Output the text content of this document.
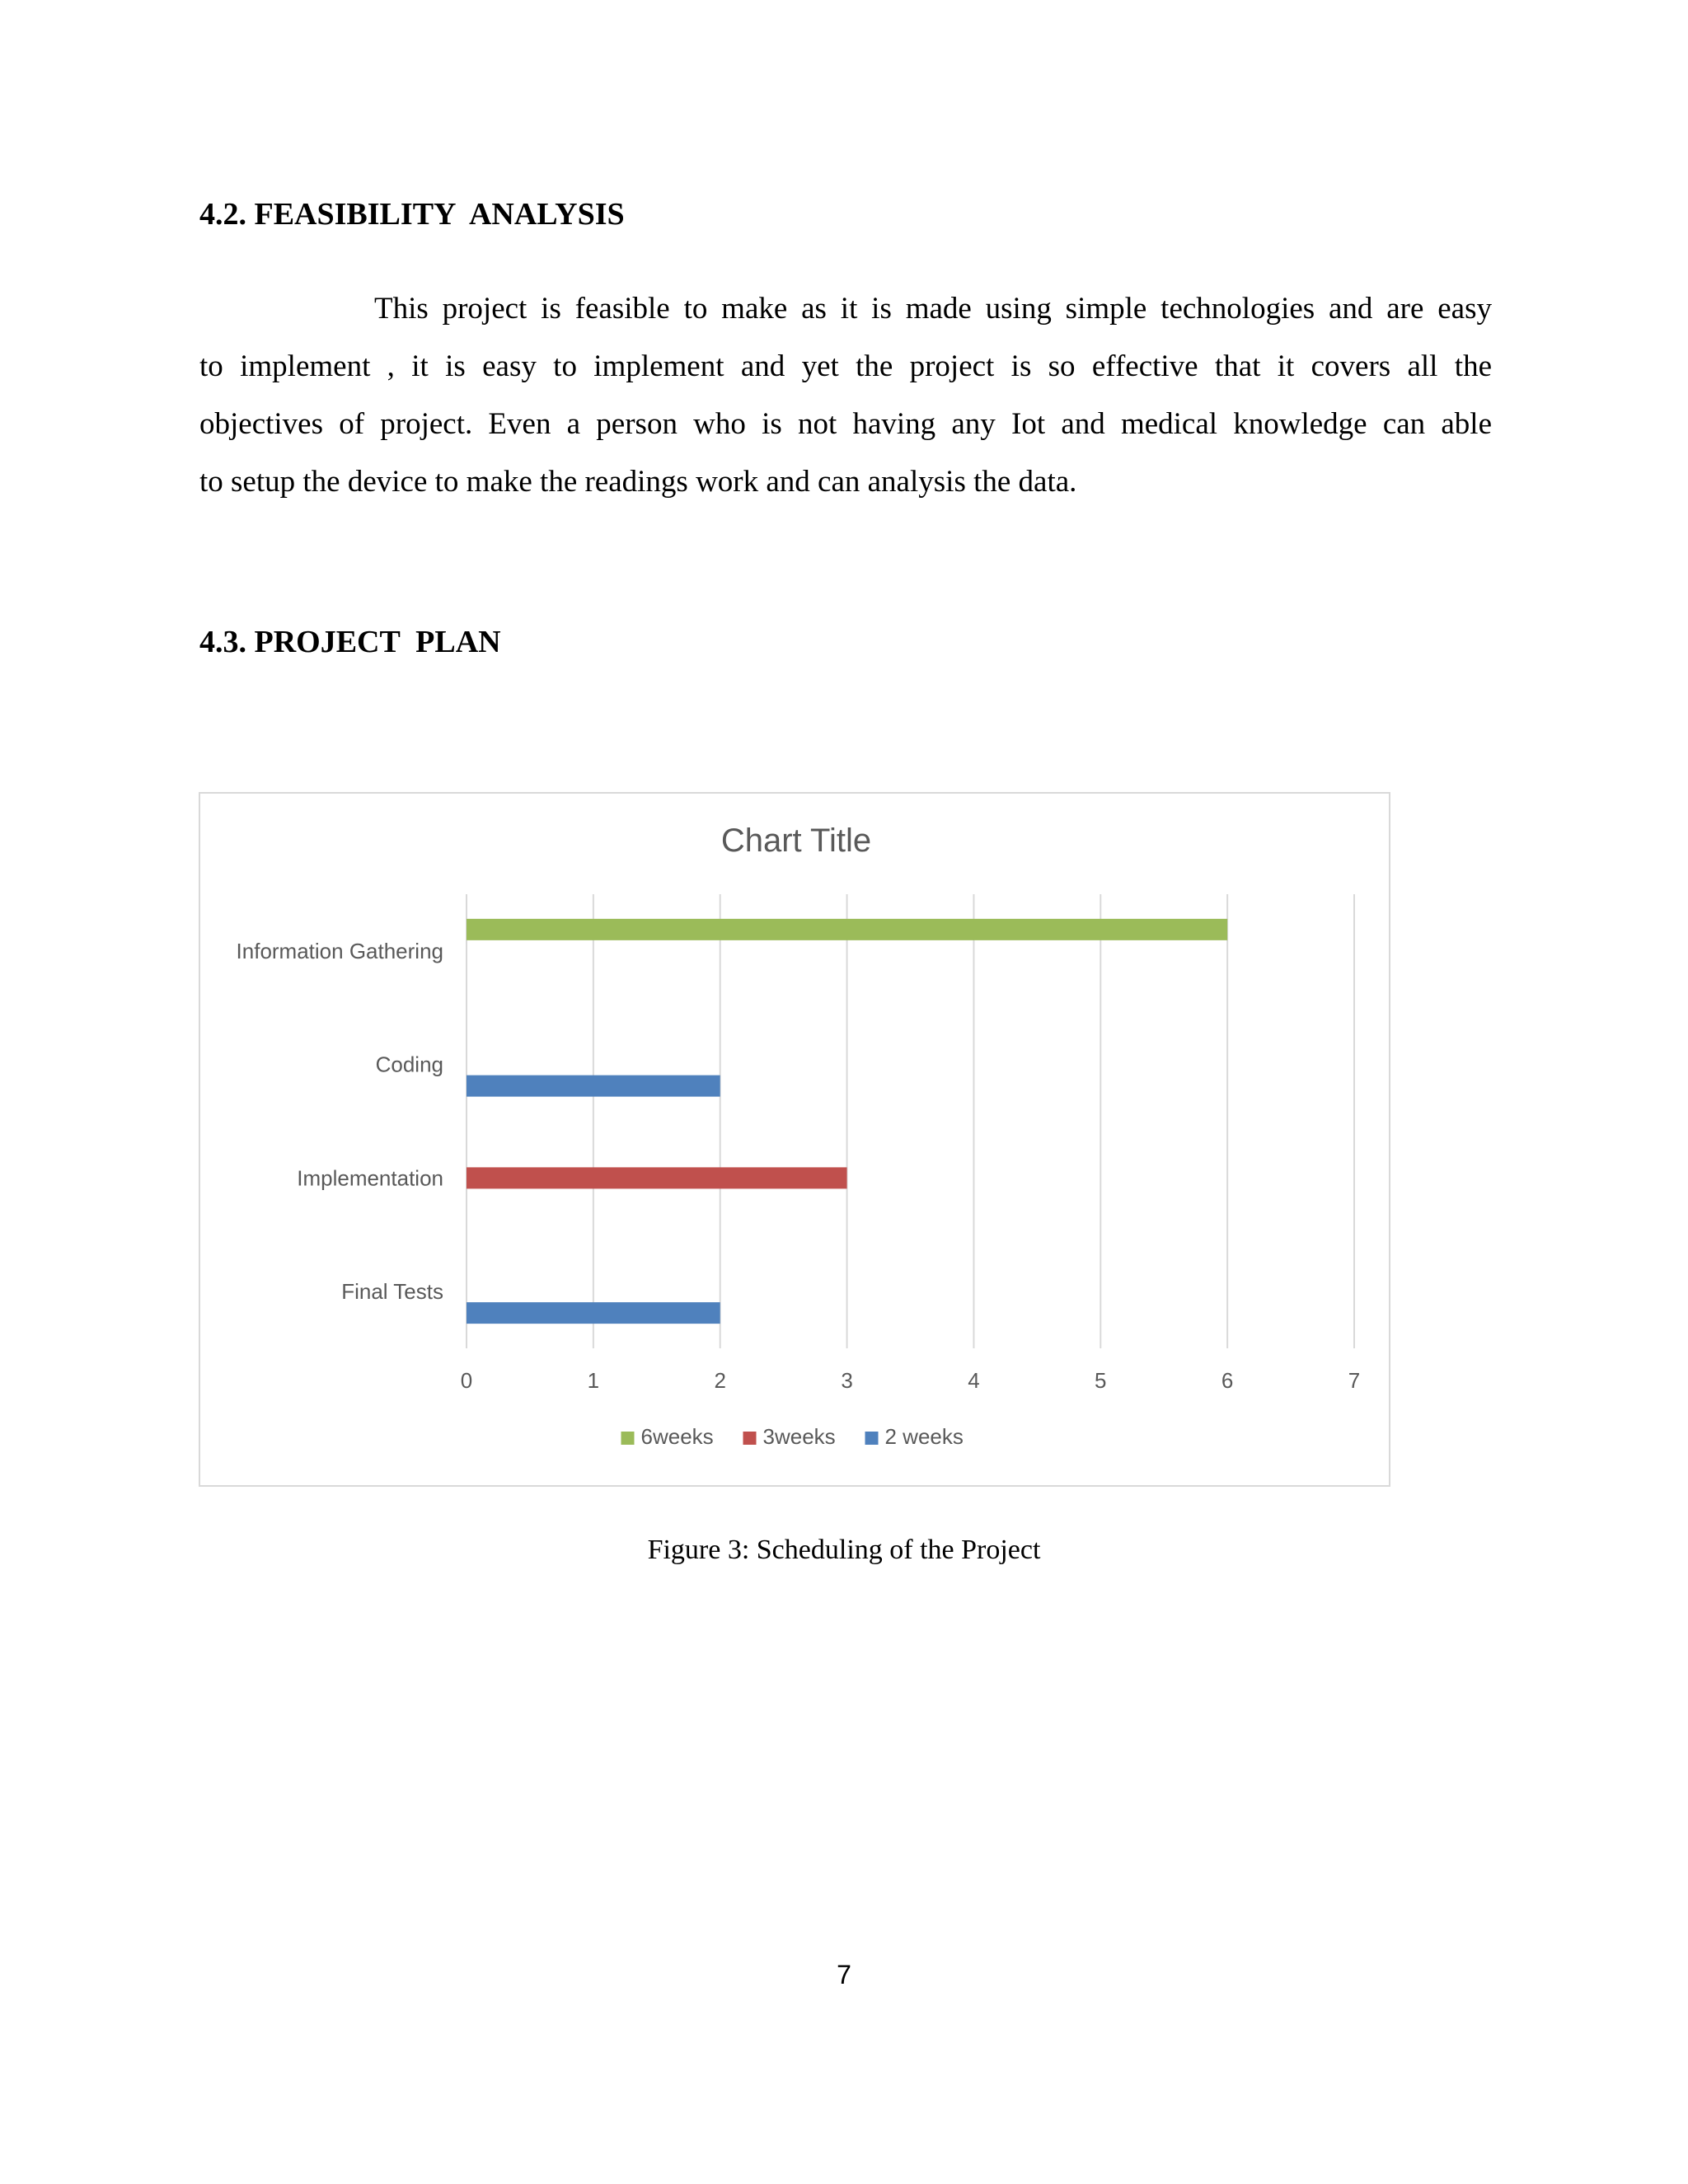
4.2. FEASIBILITY  ANALYSIS

This project is feasible to make as it is made using simple technologies and are easy
to implement , it is easy to implement and yet the project is so effective that it covers all the
objectives of project. Even a person who is not having any Iot and medical knowledge can able
to setup the device to make the readings work and can analysis the data.

4.3. PROJECT  PLAN
Chart Title
Information Gathering
Coding
Implementation
Final Tests
0	1	2	3	4	5	6	7
6weeks 3weeks 2 weeks

Figure 3: Scheduling of the Project

7
